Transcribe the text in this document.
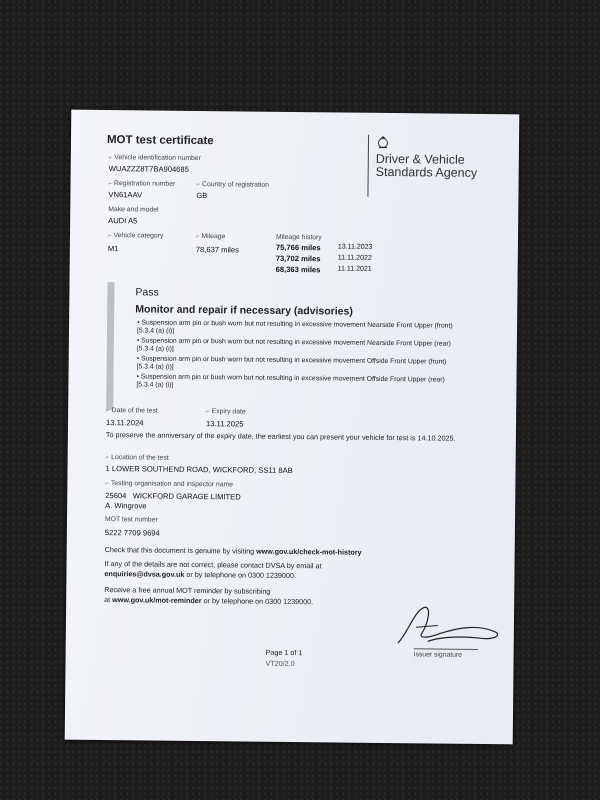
MOT test certificate
Driver & Vehicle Standards Agency
⌐ Vehicle identification number
WUAZZZ8T7BA904685
⌐ Registration number
VN61AAV
⌐ Country of registration
GB
Make and model
AUDI A5
⌐ Vehicle category
M1
⌐ Mileage
78,637 miles
Mileage history
75,766 miles 13.11.2023
73,702 miles 11.11.2022
68,363 miles 11.11.2021
Pass
Monitor and repair if necessary (advisories)
• Suspension arm pin or bush worn but not resulting in excessive movement Nearside Front Upper (front) [5.3.4 (a) (i)]
• Suspension arm pin or bush worn but not resulting in excessive movement Nearside Front Upper (rear) [5.3.4 (a) (i)]
• Suspension arm pin or bush worn but not resulting in excessive movement Offside Front Upper (front) [5.3.4 (a) (i)]
• Suspension arm pin or bush worn but not resulting in excessive movement Offside Front Upper (rear) [5.3.4 (a) (i)]
⌐ Date of the test
13.11.2024
⌐ Expiry date
13.11.2025
To preserve the anniversary of the expiry date, the earliest you can present your vehicle for test is 14.10.2025.
⌐ Location of the test
1 LOWER SOUTHEND ROAD, WICKFORD, SS11 8AB
⌐ Testing organisation and inspector name
25604   WICKFORD GARAGE LIMITED
A. Wingrove
MOT test number
5222 7709 9694
Check that this document is genuine by visiting www.gov.uk/check-mot-history
If any of the details are not correct, please contact DVSA by email at
enquiries@dvsa.gov.uk or by telephone on 0300 1239000.
Receive a free annual MOT reminder by subscribing
at www.gov.uk/mot-reminder or by telephone on 0300 1239000.
Issuer signature
Page 1 of 1
VT20/2.0
